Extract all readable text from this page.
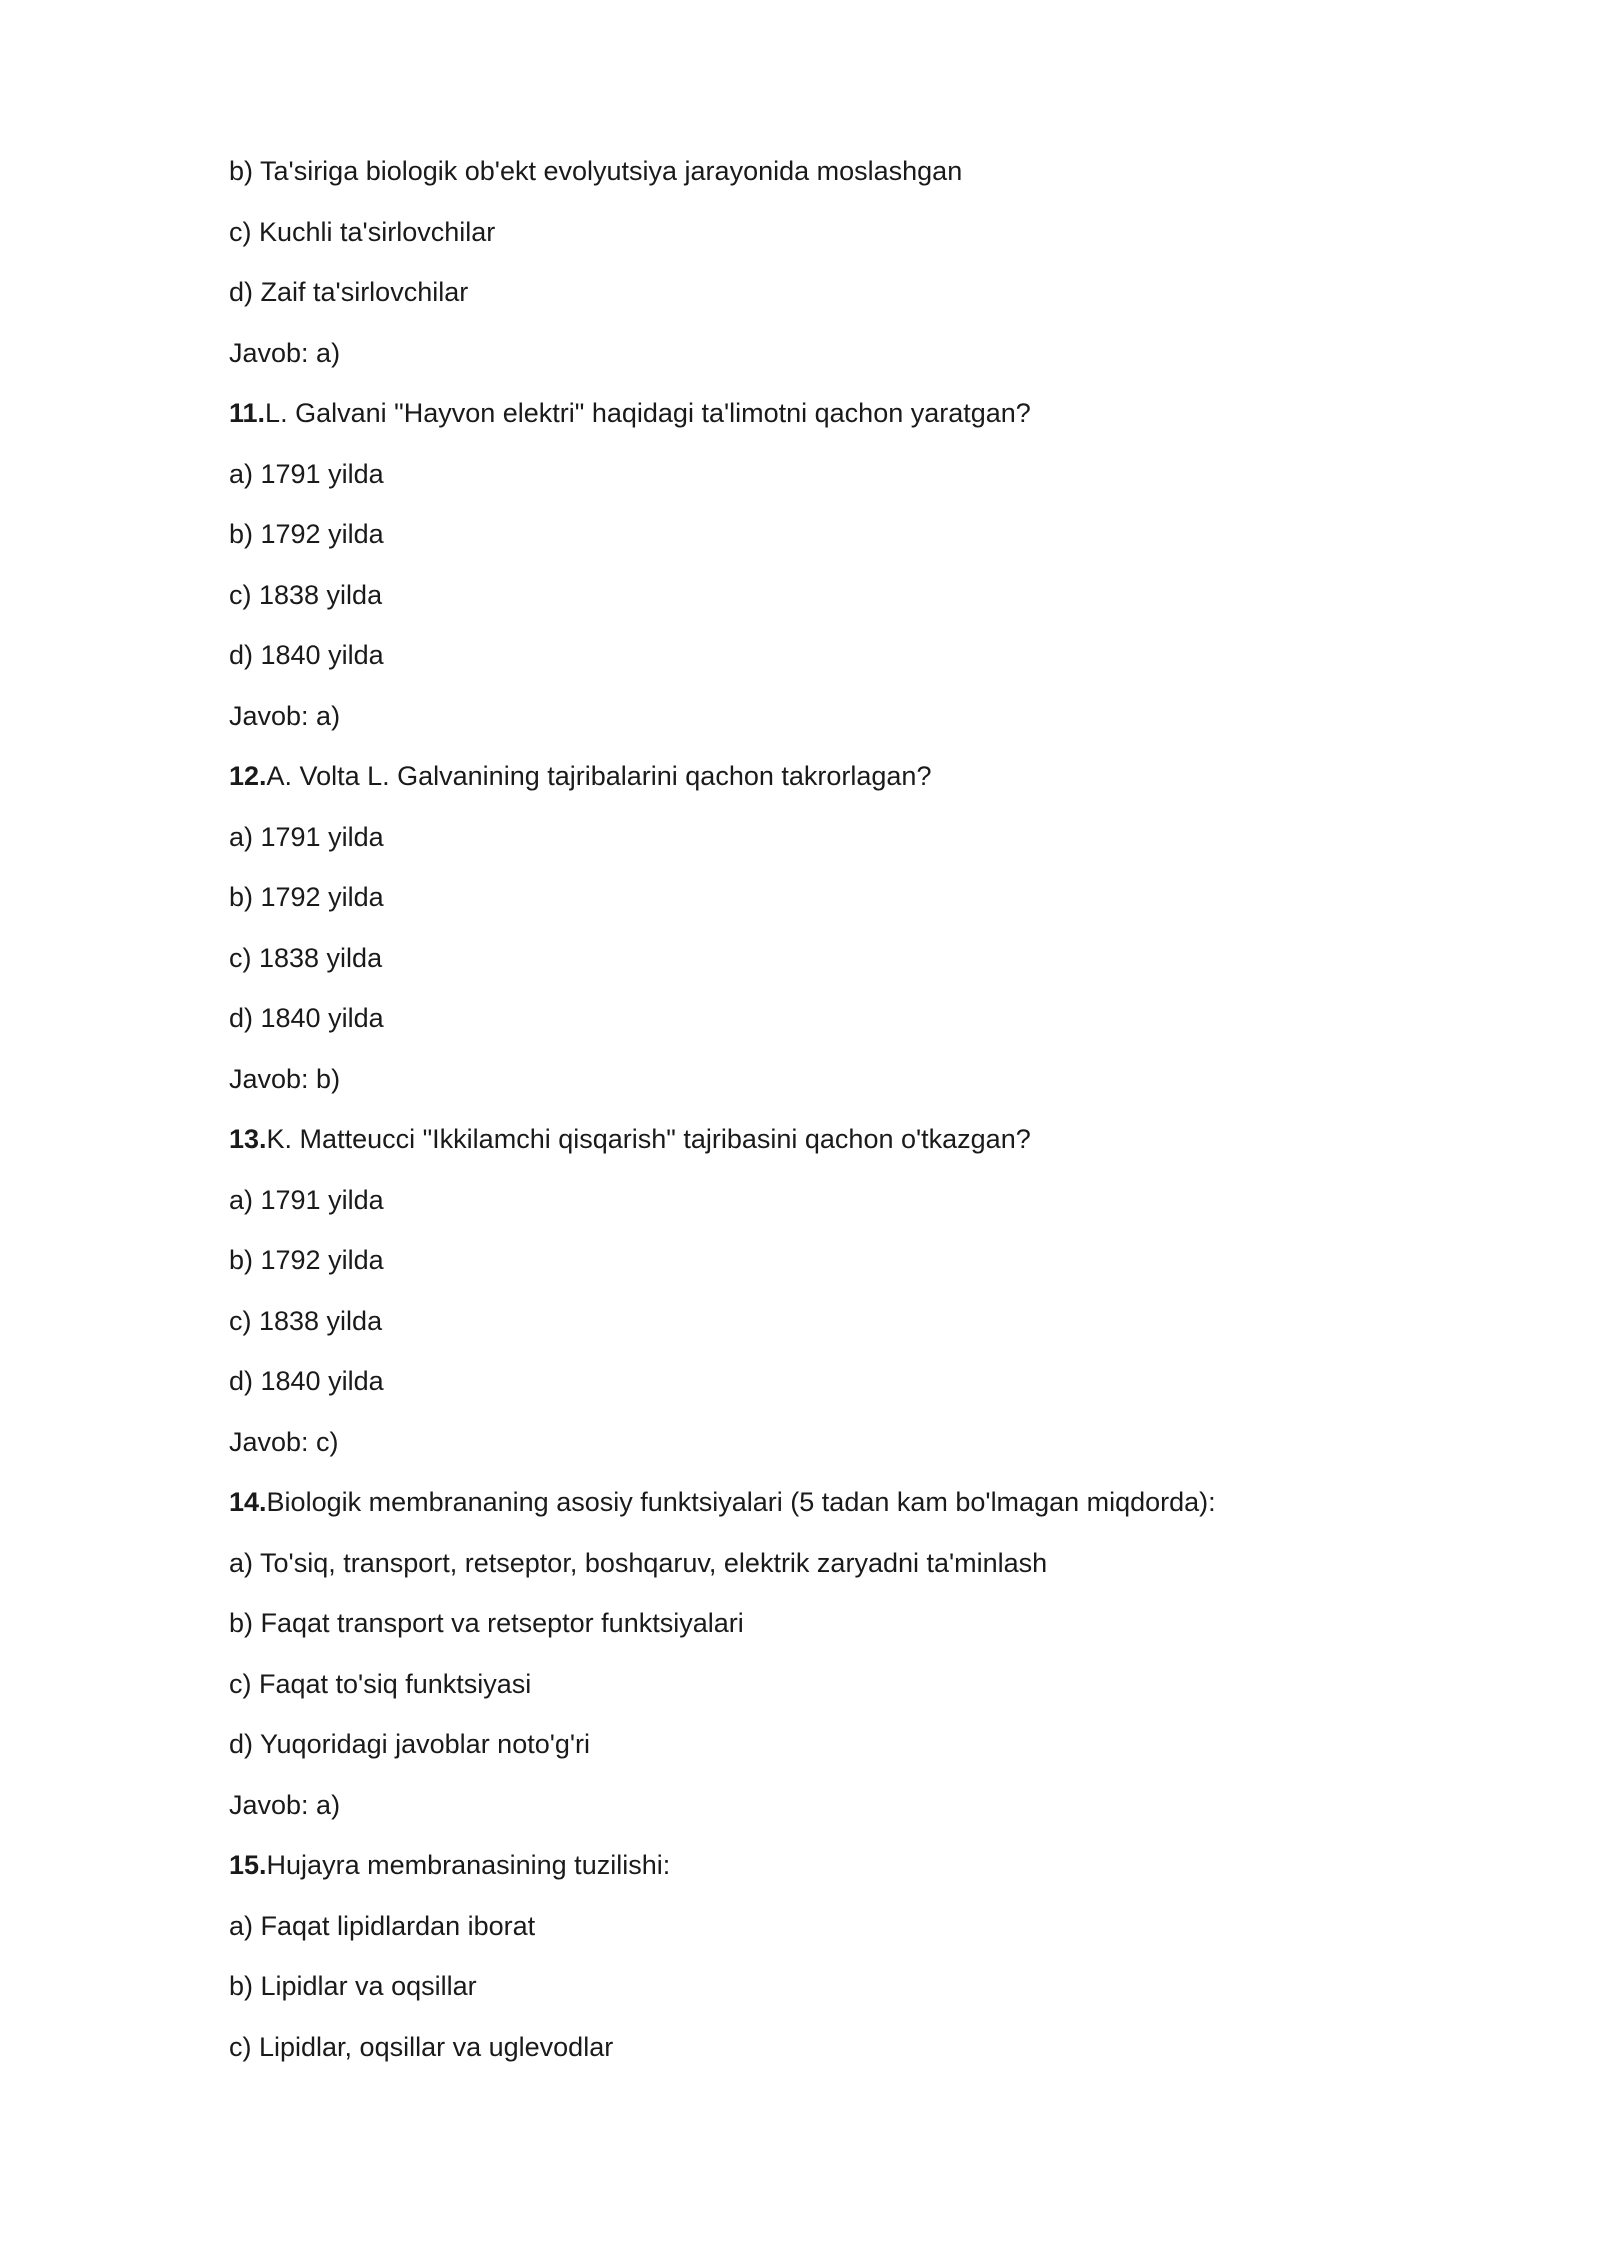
b) Ta'siriga biologik ob'ekt evolyutsiya jarayonida moslashgan
c) Kuchli ta'sirlovchilar
d) Zaif ta'sirlovchilar
Javob: a)
11.L. Galvani "Hayvon elektri" haqidagi ta'limotni qachon yaratgan?
a) 1791 yilda
b) 1792 yilda
c) 1838 yilda
d) 1840 yilda
Javob: a)
12.A. Volta L. Galvanining tajribalarini qachon takrorlagan?
a) 1791 yilda
b) 1792 yilda
c) 1838 yilda
d) 1840 yilda
Javob: b)
13.K. Matteucci "Ikkilamchi qisqarish" tajribasini qachon o'tkazgan?
a) 1791 yilda
b) 1792 yilda
c) 1838 yilda
d) 1840 yilda
Javob: c)
14.Biologik membrananing asosiy funktsiyalari (5 tadan kam bo'lmagan miqdorda):
a) To'siq, transport, retseptor, boshqaruv, elektrik zaryadni ta'minlash
b) Faqat transport va retseptor funktsiyalari
c) Faqat to'siq funktsiyasi
d) Yuqoridagi javoblar noto'g'ri
Javob: a)
15.Hujayra membranasining tuzilishi:
a) Faqat lipidlardan iborat
b) Lipidlar va oqsillar
c) Lipidlar, oqsillar va uglevodlar
